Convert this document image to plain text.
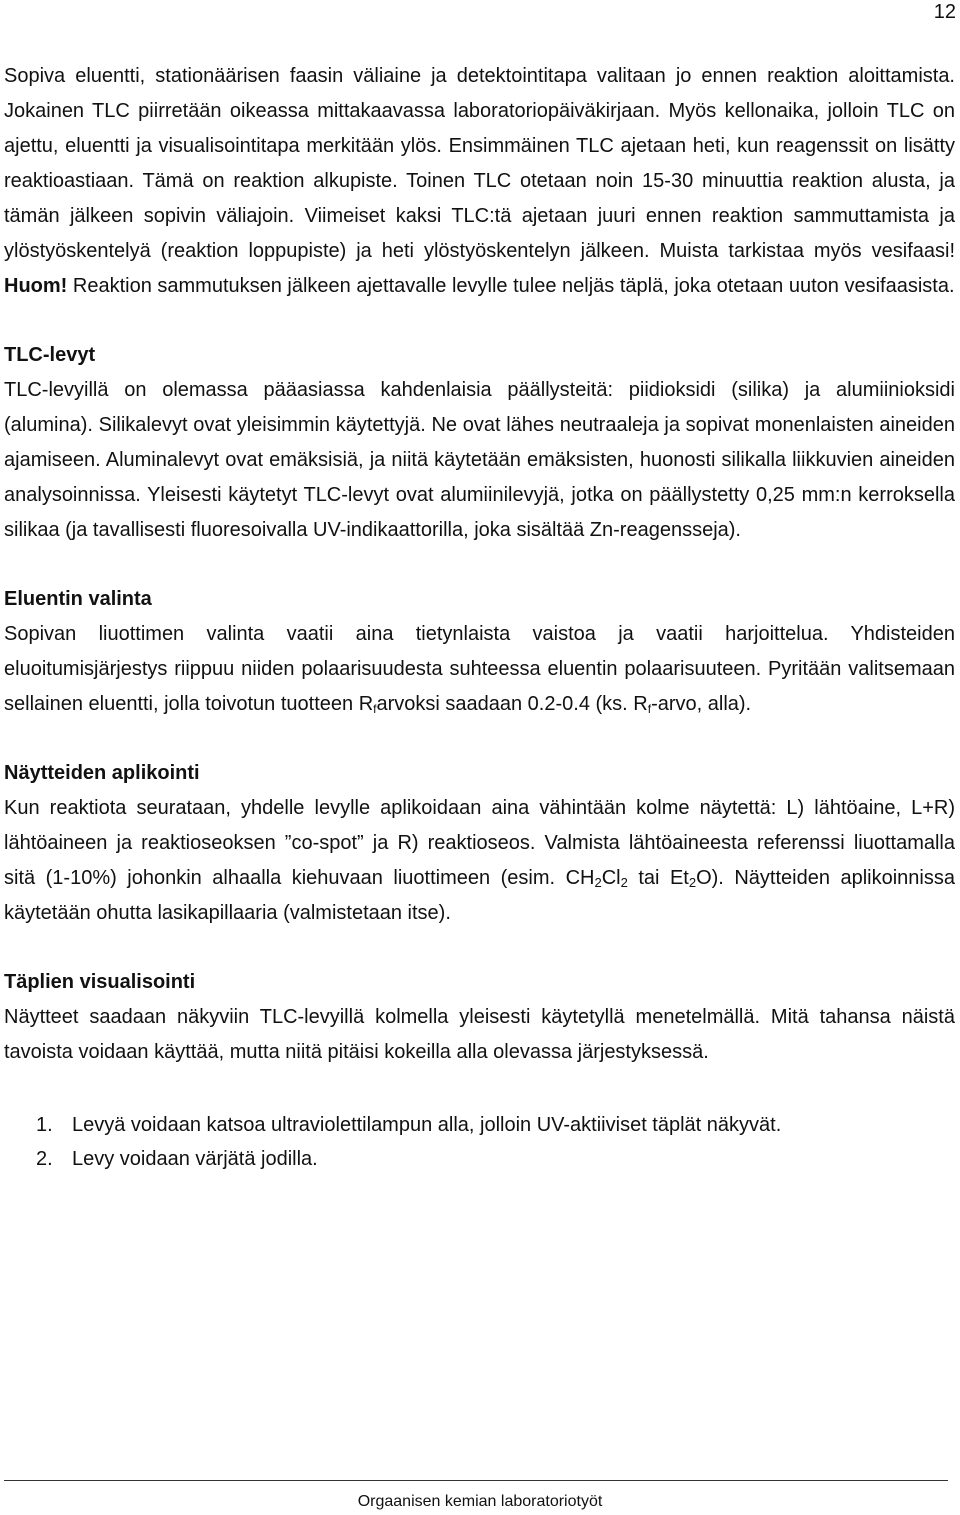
12

Sopiva eluentti, stationäärisen faasin väliaine ja detektointitapa valitaan jo ennen reaktion aloittamista. Jokainen TLC piirretään oikeassa mittakaavassa laboratoriopäiväkirjaan. Myös kellonaika, jolloin TLC on ajettu, eluentti ja visualisointitapa merkitään ylös. Ensimmäinen TLC ajetaan heti, kun reagenssit on lisätty reaktioastiaan. Tämä on reaktion alkupiste. Toinen TLC otetaan noin 15-30 minuuttia reaktion alusta, ja tämän jälkeen sopivin väliajoin. Viimeiset kaksi TLC:tä ajetaan juuri ennen reaktion sammuttamista ja ylöstyöskentelyä (reaktion loppupiste) ja heti ylöstyöskentelyn jälkeen. Muista tarkistaa myös vesifaasi! Huom! Reaktion sammutuksen jälkeen ajettavalle levylle tulee neljäs täplä, joka otetaan uuton vesifaasista.

TLC-levyt

TLC-levyillä on olemassa pääasiassa kahdenlaisia päällysteitä: piidioksidi (silika) ja alumiinioksidi (alumina). Silikalevyt ovat yleisimmin käytettyjä. Ne ovat lähes neutraaleja ja sopivat monenlaisten aineiden ajamiseen. Aluminalevyt ovat emäksisiä, ja niitä käytetään emäksisten, huonosti silikalla liikkuvien aineiden analysoinnissa. Yleisesti käytetyt TLC-levyt ovat alumiinilevyjä, jotka on päällystetty 0,25 mm:n kerroksella silikaa (ja tavallisesti fluoresoivalla UV-indikaattorilla, joka sisältää Zn-reagensseja).

Eluentin valinta

Sopivan liuottimen valinta vaatii aina tietynlaista vaistoa ja vaatii harjoittelua. Yhdisteiden eluoitumisjärjestys riippuu niiden polaarisuudesta suhteessa eluentin polaarisuuteen. Pyritään valitsemaan sellainen eluentti, jolla toivotun tuotteen Rfarvoksi saadaan 0.2-0.4 (ks. Rf-arvo, alla).

Näytteiden aplikointi

Kun reaktiota seurataan, yhdelle levylle aplikoidaan aina vähintään kolme näytettä: L) lähtöaine, L+R) lähtöaineen ja reaktioseoksen ”co-spot” ja R) reaktioseos. Valmista lähtöaineesta referenssi liuottamalla sitä (1-10%) johonkin alhaalla kiehuvaan liuottimeen (esim. $CH_2Cl_2$ tai $Et_2O$). Näytteiden aplikoinnissa käytetään ohutta lasikapillaaria (valmistetaan itse).

Täplien visualisointi

Näytteet saadaan näkyviin TLC-levyillä kolmella yleisesti käytetyllä menetelmällä. Mitä tahansa näistä tavoista voidaan käyttää, mutta niitä pitäisi kokeilla alla olevassa järjestyksessä.

1. Levyä voidaan katsoa ultraviolettilampun alla, jolloin UV-aktiiviset täplät näkyvät.
2. Levy voidaan värjätä jodilla.
Orgaanisen kemian laboratoriotyöt
